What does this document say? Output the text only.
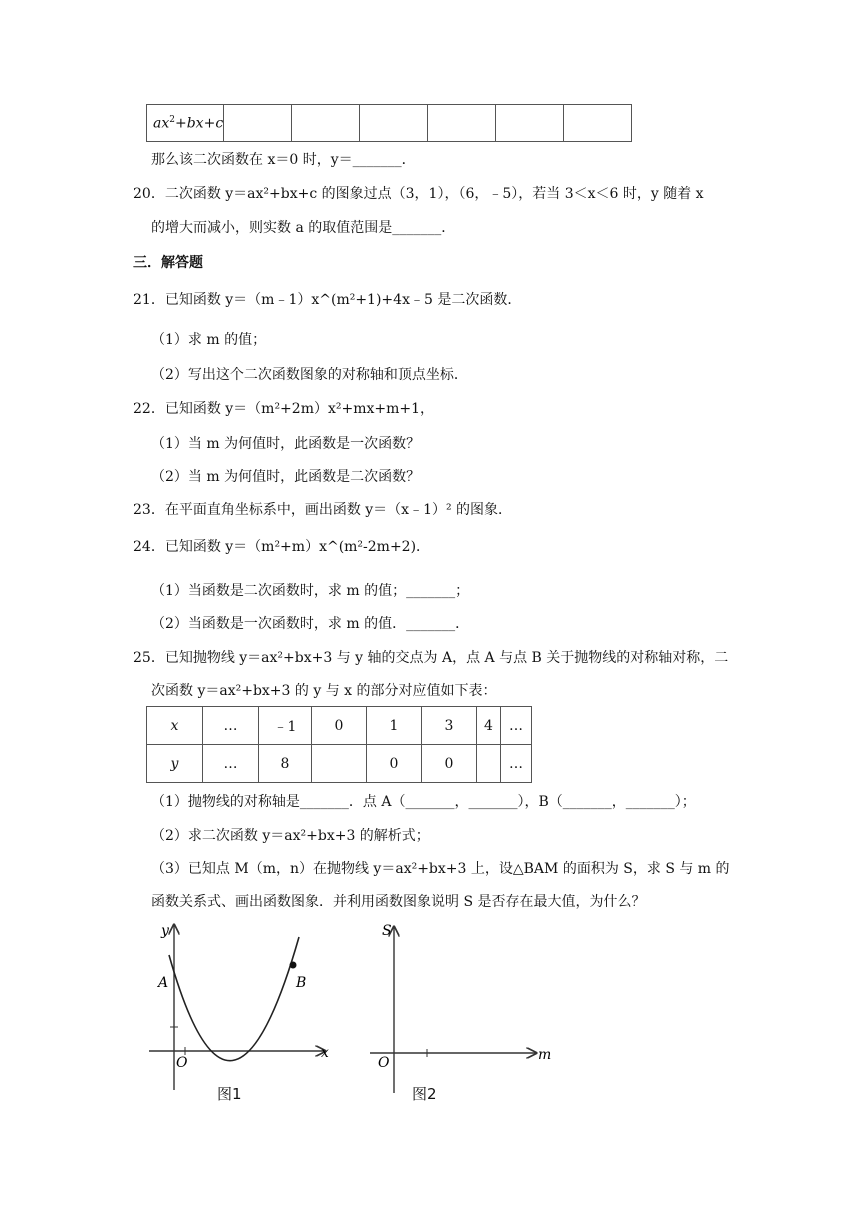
$ax^2+bx+c$						
那么该二次函数在 x＝0 时，y＝_______．
20．二次函数 y＝ax²+bx+c 的图象过点（3，1），（6，﹣5），若当 3＜x＜6 时，y 随着 x
的增大而减小，则实数 a 的取值范围是_______．
三．解答题
21．已知函数 y＝（m﹣1）x^(m²+1)+4x﹣5 是二次函数．
（1）求 m 的值；
（2）写出这个二次函数图象的对称轴和顶点坐标．
22．已知函数 y＝（m²+2m）x²+mx+m+1，
（1）当 m 为何值时，此函数是一次函数？
（2）当 m 为何值时，此函数是二次函数？
23．在平面直角坐标系中，画出函数 y＝（x﹣1）² 的图象．
24．已知函数 y＝（m²+m）x^(m²-2m+2)．
（1）当函数是二次函数时，求 m 的值；_______；
（2）当函数是一次函数时，求 m 的值．_______．
25．已知抛物线 y＝ax²+bx+3 与 y 轴的交点为 A，点 A 与点 B 关于抛物线的对称轴对称，二
次函数 y＝ax²+bx+3 的 y 与 x 的部分对应值如下表：
x	…	﹣1	0	1	3	4	…
y	…	8		0	0		…
（1）抛物线的对称轴是_______．点 A（_______，_______），B（_______，_______）；
（2）求二次函数 y＝ax²+bx+3 的解析式；
（3）已知点 M（m，n）在抛物线 y＝ax²+bx+3 上，设△BAM 的面积为 S，求 S 与 m 的
函数关系式、画出函数图象．并利用函数图象说明 S 是否存在最大值，为什么？
y
x
O
A	B
图1
S
m
O
图2
